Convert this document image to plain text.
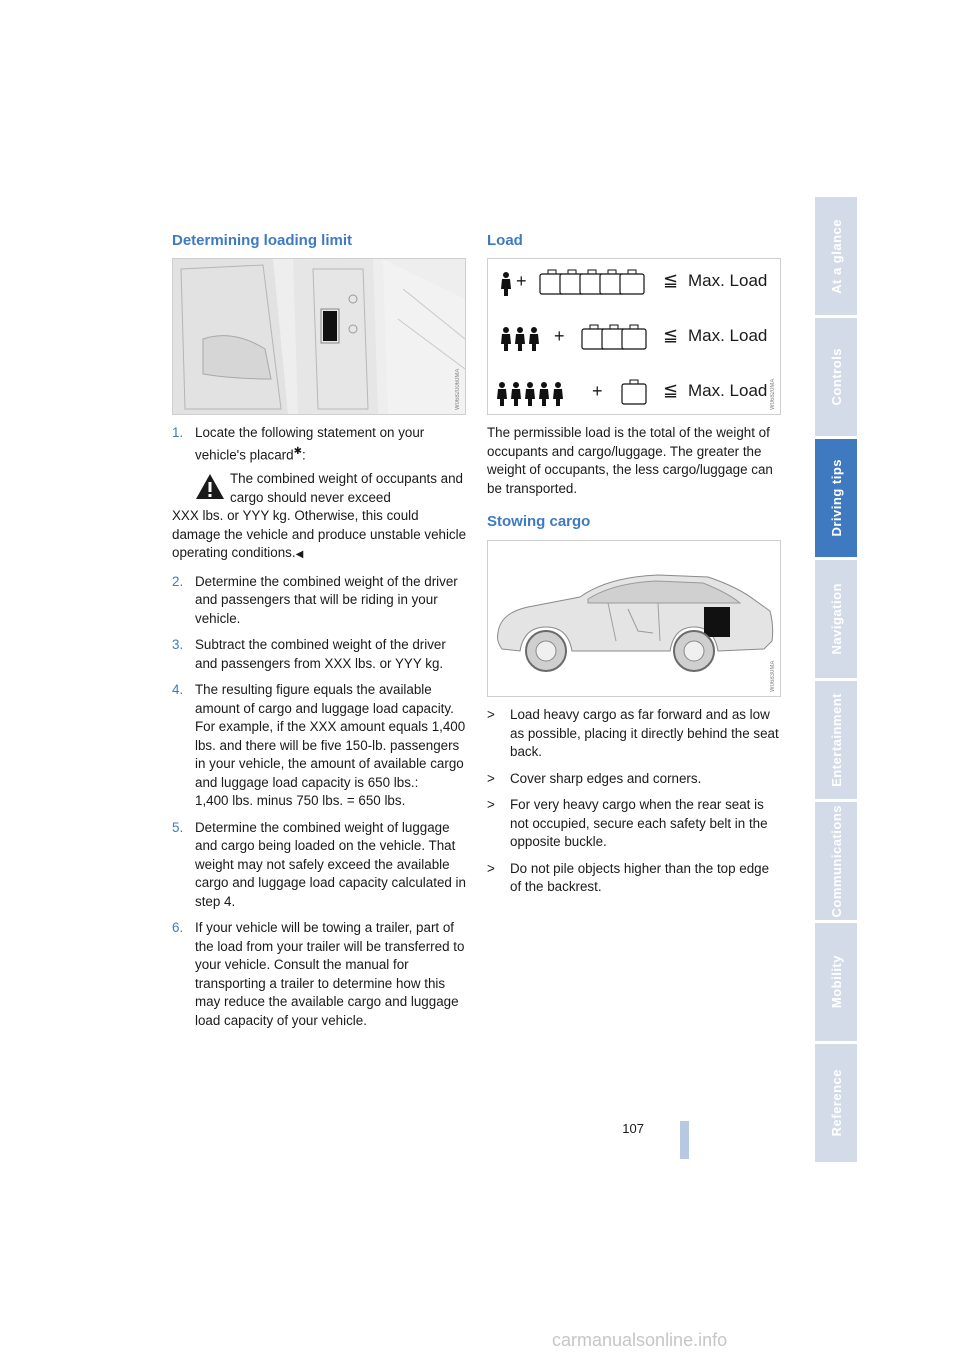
Determining loading limit
W06820060MA
1. Locate the following statement on your vehicle's placard✱:
The combined weight of occupants and cargo should never exceed
XXX lbs. or YYY kg. Otherwise, this could damage the vehicle and produce unstable vehicle operating conditions.◀
2. Determine the combined weight of the driver and passengers that will be riding in your vehicle.
3. Subtract the combined weight of the driver and passengers from XXX lbs. or YYY kg.
4. The resulting figure equals the available amount of cargo and luggage load capacity. For example, if the XXX amount equals 1,400 lbs. and there will be five 150-lb. passengers in your vehicle, the amount of available cargo and luggage load capacity is 650 lbs.:
1,400 lbs. minus 750 lbs. = 650 lbs.
5. Determine the combined weight of luggage and cargo being loaded on the vehicle. That weight may not safely exceed the available cargo and luggage load capacity calculated in step 4.
6. If your vehicle will be towing a trailer, part of the load from your trailer will be transferred to your vehicle. Consult the manual for transporting a trailer to determine how this may reduce the available cargo and luggage load capacity of your vehicle.
Load
+	≦ Max. Load
+	≦ Max. Load
+	≦ Max. Load W06820MA
The permissible load is the total of the weight of occupants and cargo/luggage. The greater the weight of occupants, the less cargo/luggage can be transported.
Stowing cargo
W06830MA
> Load heavy cargo as far forward and as low as possible, placing it directly behind the seat back.
> Cover sharp edges and corners.
> For very heavy cargo when the rear seat is not occupied, secure each safety belt in the opposite buckle.
> Do not pile objects higher than the top edge of the backrest.
At a glance
Controls
Driving tips
Navigation
Entertainment
Communications
Mobility
Reference
107
carmanualsonline.info
